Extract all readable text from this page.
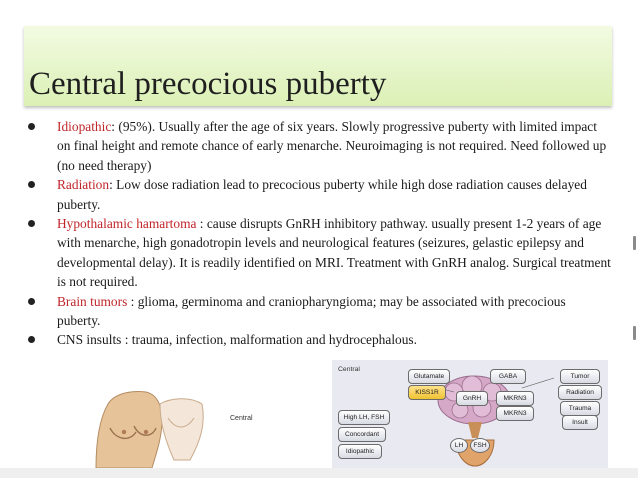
Central precocious puberty
Idiopathic: (95%). Usually after the age of six years. Slowly progressive puberty with limited impact on final height and remote chance of early menarche. Neuroimaging is not required. Need followed up (no need therapy)
Radiation: Low dose radiation lead to precocious puberty while high dose radiation causes delayed puberty.
Hypothalamic hamartoma : cause disrupts GnRH inhibitory pathway. usually present 1-2 years of age with menarche, high gonadotropin levels and neurological features (seizures, gelastic epilepsy and developmental delay). It is readily identified on MRI. Treatment with GnRH analog. Surgical treatment is not required.
Brain tumors : glioma, germinoma and craniopharyngioma; may be associated with precocious puberty.
CNS insults : trauma, infection, malformation and hydrocephalous.
Central
Central
Glutamate
KISS1R
GABA
GnRH	MKRN3
MKRN3
High LH, FSH
Concordant
Idiopathic
LH	FSH
Tumor
Radiation
Trauma
Insult
